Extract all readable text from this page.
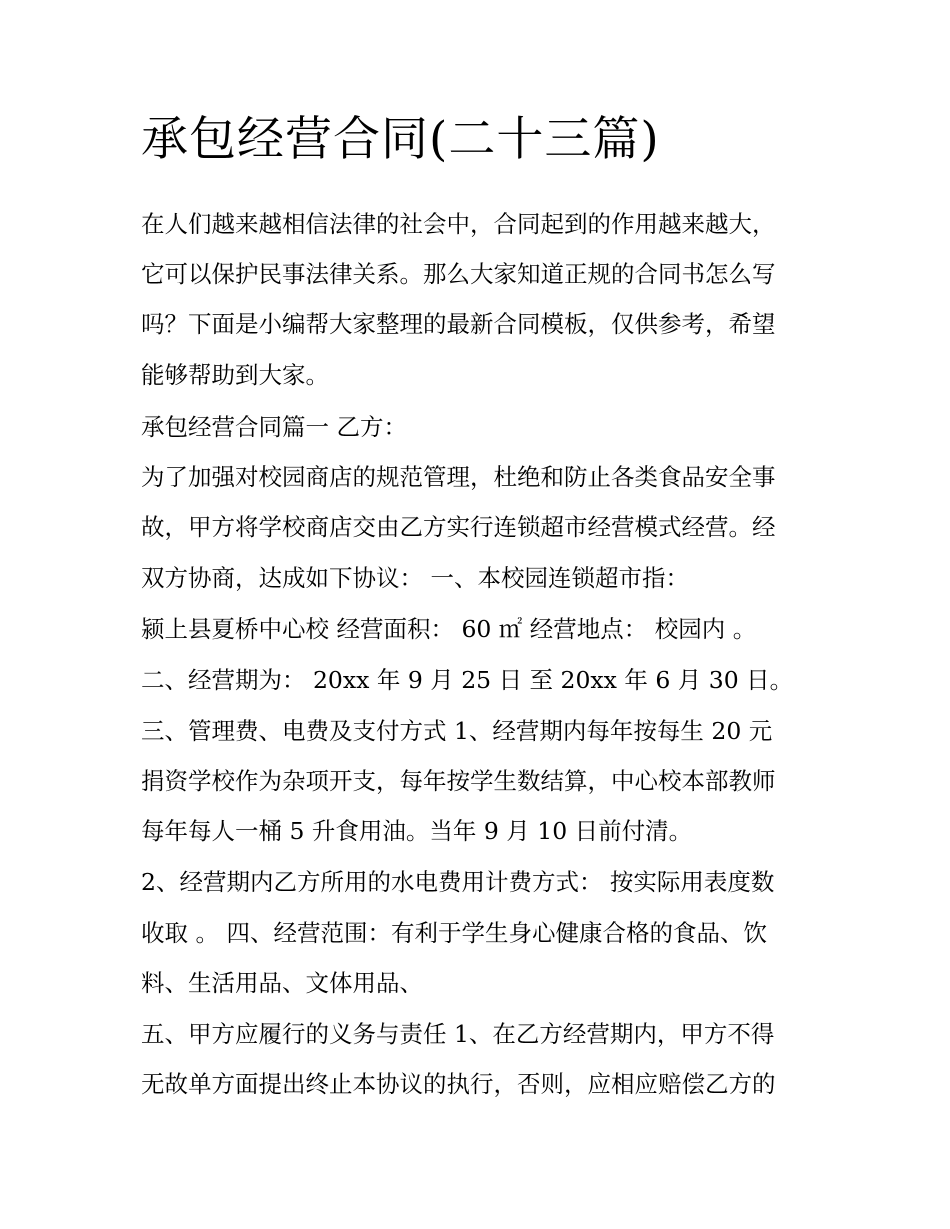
承包经营合同(二十三篇)

在人们越来越相信法律的社会中，合同起到的作用越来越大，

它可以保护民事法律关系。那么大家知道正规的合同书怎么写

吗？下面是小编帮大家整理的最新合同模板，仅供参考，希望

能够帮助到大家。

承包经营合同篇一 乙方：

为了加强对校园商店的规范管理，杜绝和防止各类食品安全事

故，甲方将学校商店交由乙方实行连锁超市经营模式经营。经

双方协商，达成如下协议： 一、本校园连锁超市指：

颍上县夏桥中心校 经营面积： 60 ㎡ 经营地点： 校园内 。

二、经营期为： 20xx 年 9 月 25 日 至 20xx 年 6 月 30 日。

三、管理费、电费及支付方式 1、经营期内每年按每生 20 元

捐资学校作为杂项开支，每年按学生数结算，中心校本部教师

每年每人一桶 5 升食用油。当年 9 月 10 日前付清。

2、经营期内乙方所用的水电费用计费方式： 按实际用表度数

收取 。 四、经营范围：有利于学生身心健康合格的食品、饮

料、生活用品、文体用品、

五、甲方应履行的义务与责任 1、在乙方经营期内，甲方不得

无故单方面提出终止本协议的执行，否则，应相应赔偿乙方的
